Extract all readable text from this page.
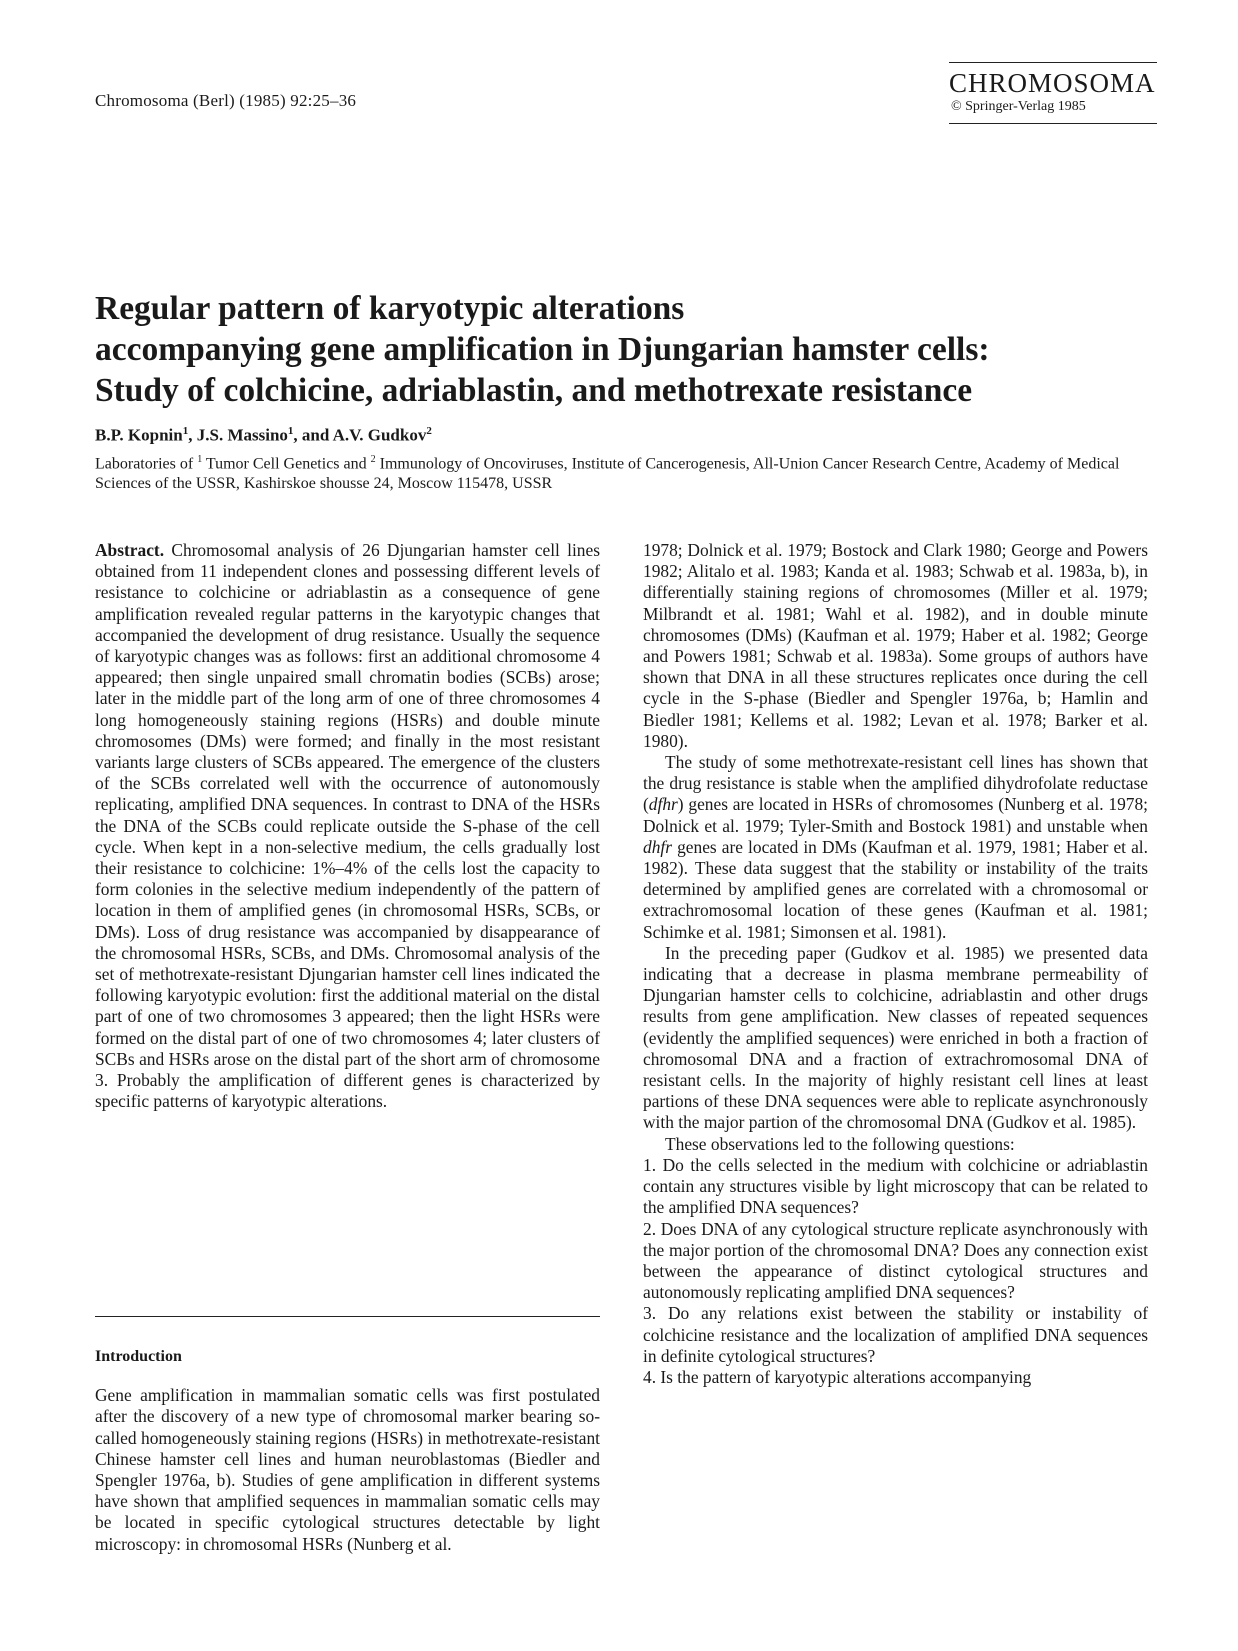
Chromosoma (Berl) (1985) 92:25–36
CHROMOSOMA
© Springer-Verlag 1985
Regular pattern of karyotypic alterations
accompanying gene amplification in Djungarian hamster cells:
Study of colchicine, adriablastin, and methotrexate resistance
B.P. Kopnin$^1$, J.S. Massino$^1$, and A.V. Gudkov$^2$
Laboratories of $^1$ Tumor Cell Genetics and $^2$ Immunology of Oncoviruses, Institute of Cancerogenesis, All-Union Cancer Research Centre, Academy of Medical Sciences of the USSR, Kashirskoe shousse 24, Moscow 115478, USSR

Abstract. Chromosomal analysis of 26 Djungarian hamster cell lines obtained from 11 independent clones and possessing different levels of resistance to colchicine or adriablastin as a consequence of gene amplification revealed regular patterns in the karyotypic changes that accompanied the development of drug resistance. Usually the sequence of karyotypic changes was as follows: first an additional chromosome 4 appeared; then single unpaired small chromatin bodies (SCBs) arose; later in the middle part of the long arm of one of three chromosomes 4 long homogeneously staining regions (HSRs) and double minute chromosomes (DMs) were formed; and finally in the most resistant variants large clusters of SCBs appeared. The emergence of the clusters of the SCBs correlated well with the occurrence of autonomously replicating, amplified DNA sequences. In contrast to DNA of the HSRs the DNA of the SCBs could replicate outside the S-phase of the cell cycle. When kept in a non-selective medium, the cells gradually lost their resistance to colchicine: 1%–4% of the cells lost the capacity to form colonies in the selective medium independently of the pattern of location in them of amplified genes (in chromosomal HSRs, SCBs, or DMs). Loss of drug resistance was accompanied by disappearance of the chromosomal HSRs, SCBs, and DMs. Chromosomal analysis of the set of methotrexate-resistant Djungarian hamster cell lines indicated the following karyotypic evolution: first the additional material on the distal part of one of two chromosomes 3 appeared; then the light HSRs were formed on the distal part of one of two chromosomes 4; later clusters of SCBs and HSRs arose on the distal part of the short arm of chromosome 3. Probably the amplification of different genes is characterized by specific patterns of karyotypic alterations.

Introduction

Gene amplification in mammalian somatic cells was first postulated after the discovery of a new type of chromosomal marker bearing so-called homogeneously staining regions (HSRs) in methotrexate-resistant Chinese hamster cell lines and human neuroblastomas (Biedler and Spengler 1976a, b). Studies of gene amplification in different systems have shown that amplified sequences in mammalian somatic cells may be located in specific cytological structures detectable by light microscopy: in chromosomal HSRs (Nunberg et al.

1978; Dolnick et al. 1979; Bostock and Clark 1980; George and Powers 1982; Alitalo et al. 1983; Kanda et al. 1983; Schwab et al. 1983a, b), in differentially staining regions of chromosomes (Miller et al. 1979; Milbrandt et al. 1981; Wahl et al. 1982), and in double minute chromosomes (DMs) (Kaufman et al. 1979; Haber et al. 1982; George and Powers 1981; Schwab et al. 1983a). Some groups of authors have shown that DNA in all these structures replicates once during the cell cycle in the S-phase (Biedler and Spengler 1976a, b; Hamlin and Biedler 1981; Kellems et al. 1982; Levan et al. 1978; Barker et al. 1980).

The study of some methotrexate-resistant cell lines has shown that the drug resistance is stable when the amplified dihydrofolate reductase (dfhr) genes are located in HSRs of chromosomes (Nunberg et al. 1978; Dolnick et al. 1979; Tyler-Smith and Bostock 1981) and unstable when dhfr genes are located in DMs (Kaufman et al. 1979, 1981; Haber et al. 1982). These data suggest that the stability or instability of the traits determined by amplified genes are correlated with a chromosomal or extrachromosomal location of these genes (Kaufman et al. 1981; Schimke et al. 1981; Simonsen et al. 1981).

In the preceding paper (Gudkov et al. 1985) we presented data indicating that a decrease in plasma membrane permeability of Djungarian hamster cells to colchicine, adriablastin and other drugs results from gene amplification. New classes of repeated sequences (evidently the amplified sequences) were enriched in both a fraction of chromosomal DNA and a fraction of extrachromosomal DNA of resistant cells. In the majority of highly resistant cell lines at least partions of these DNA sequences were able to replicate asynchronously with the major partion of the chromosomal DNA (Gudkov et al. 1985).

These observations led to the following questions:

1. Do the cells selected in the medium with colchicine or adriablastin contain any structures visible by light microscopy that can be related to the amplified DNA sequences?

2. Does DNA of any cytological structure replicate asynchronously with the major portion of the chromosomal DNA? Does any connection exist between the appearance of distinct cytological structures and autonomously replicating amplified DNA sequences?

3. Do any relations exist between the stability or instability of colchicine resistance and the localization of amplified DNA sequences in definite cytological structures?

4. Is the pattern of karyotypic alterations accompanying
